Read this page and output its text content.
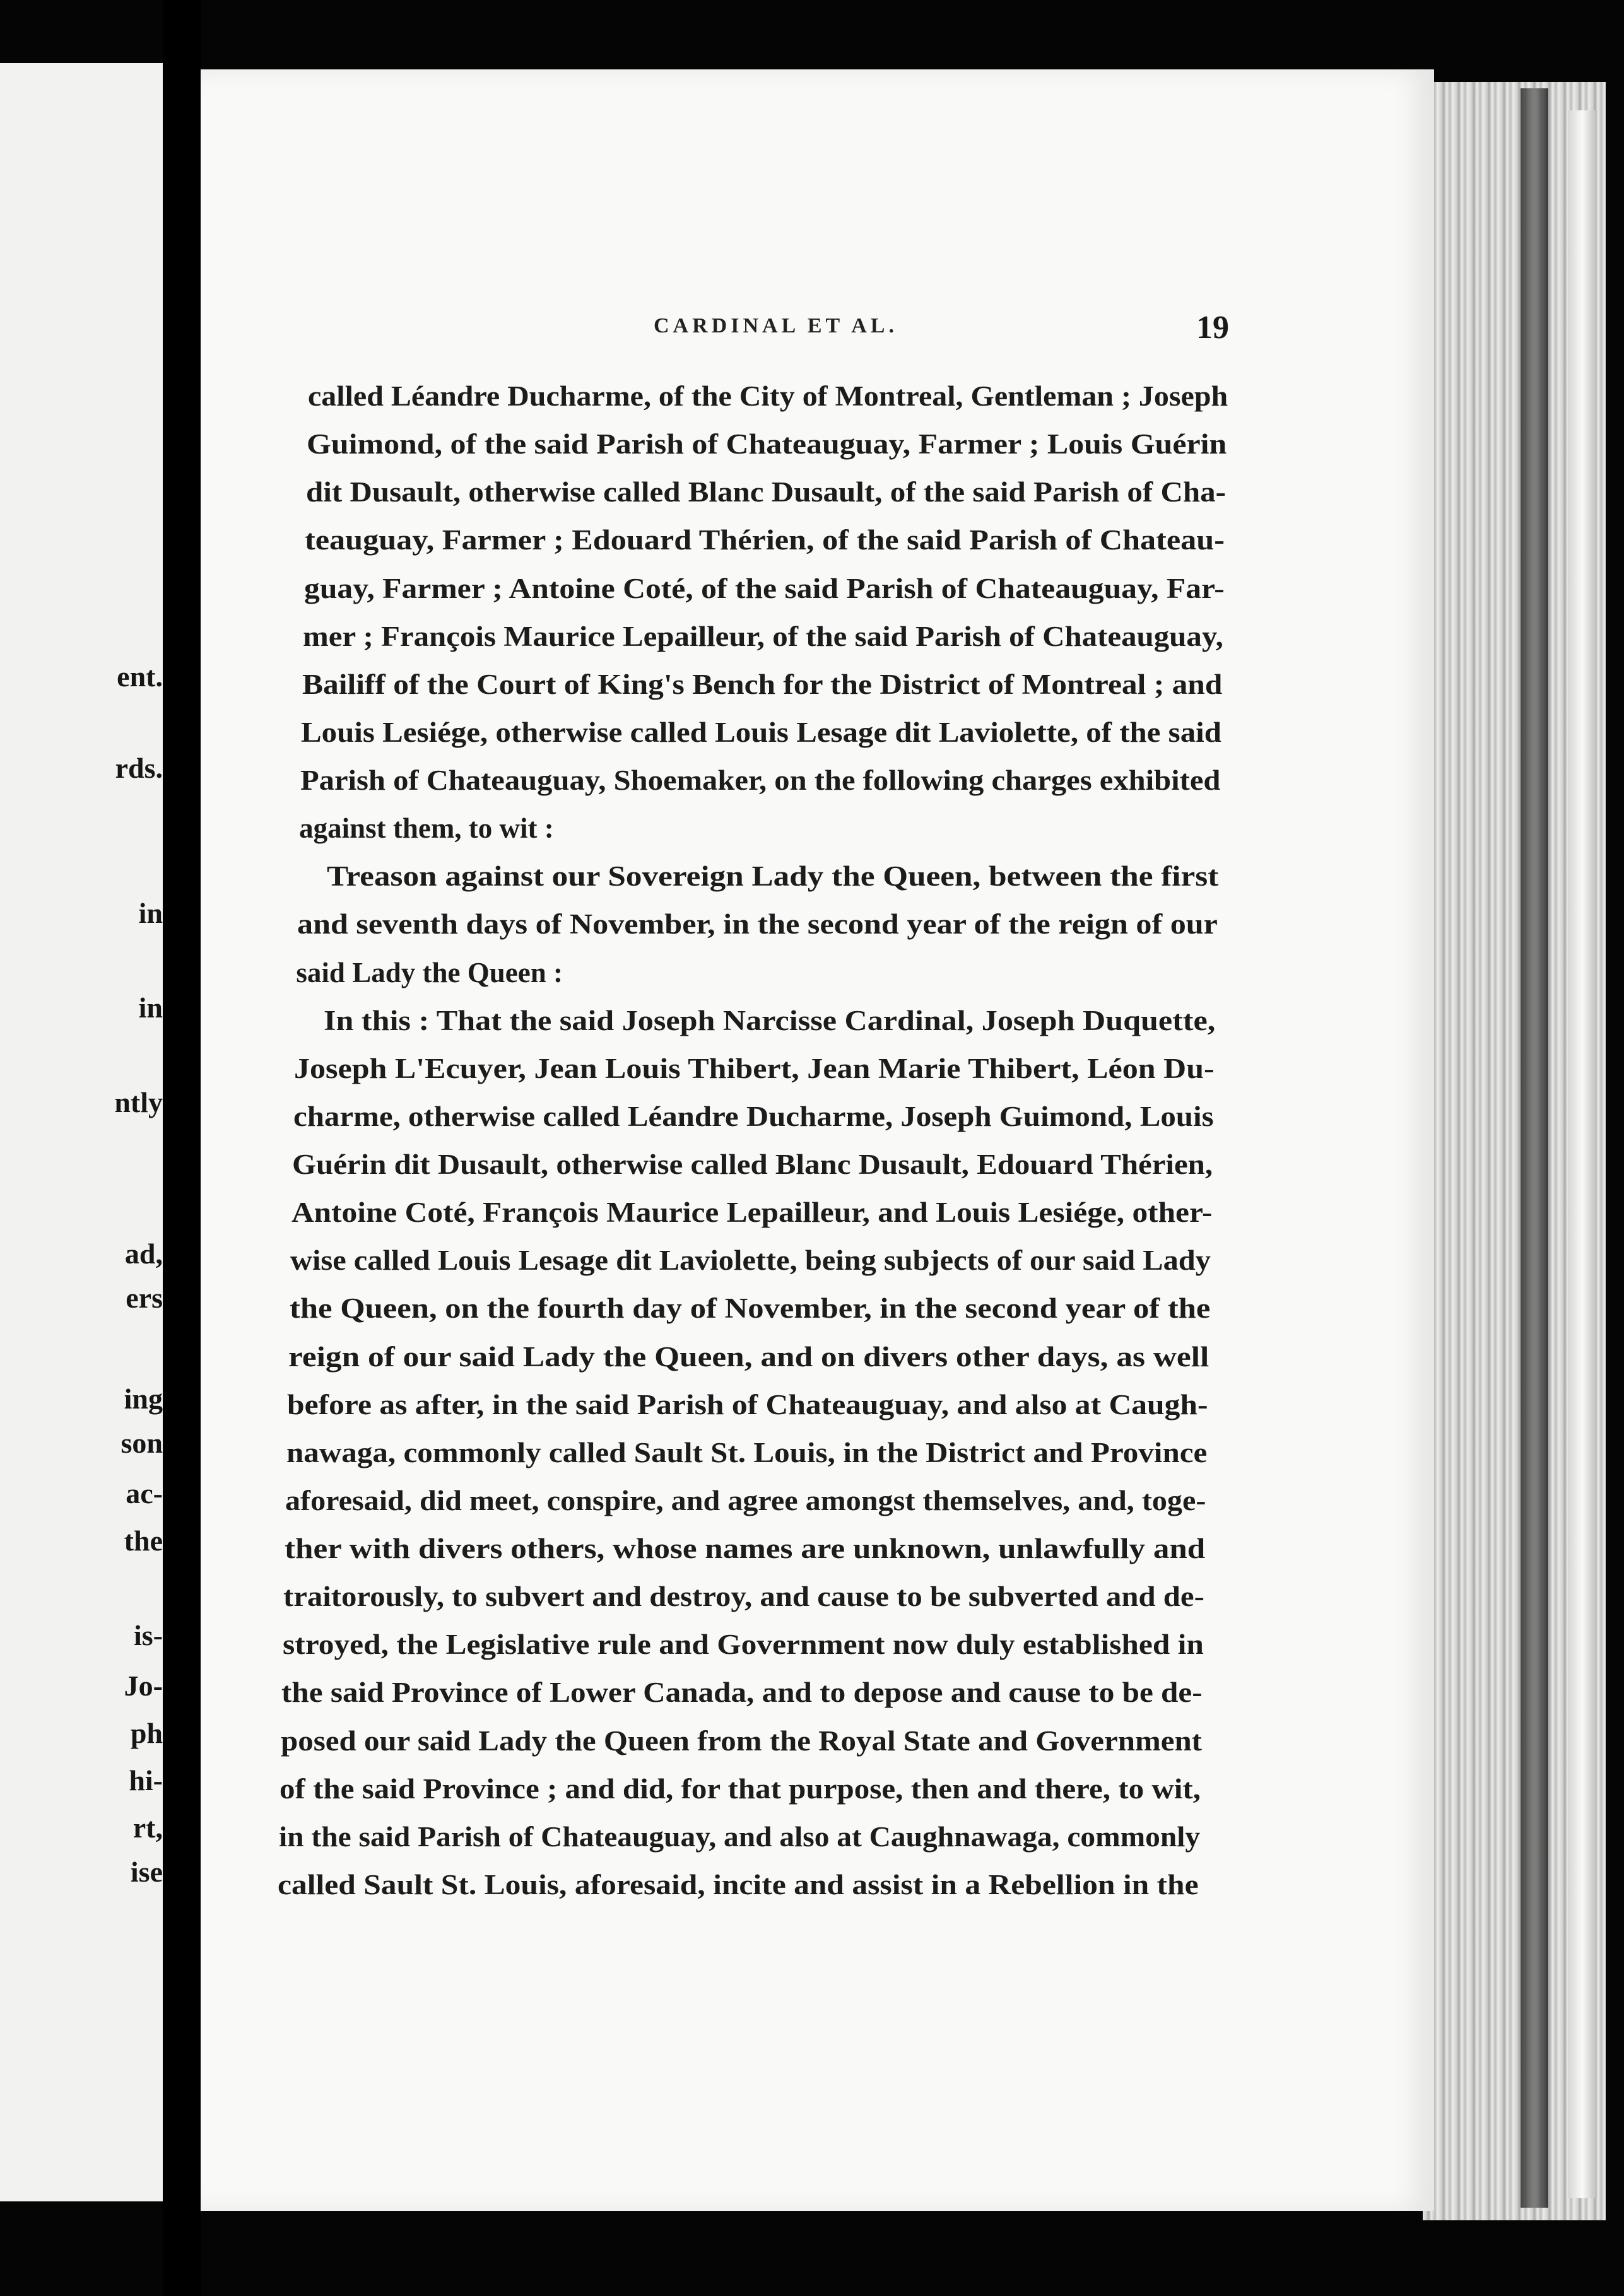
ent.
rds.
in
in
ntly
ad,
ers
ing
son
ac-
the
is-
Jo-
ph
hi-
rt,
ise
CARDINAL ET AL.	19
called Léandre Ducharme, of the City of Montreal, Gentleman ; Joseph
Guimond, of the said Parish of Chateauguay, Farmer ; Louis Guérin
dit Dusault, otherwise called Blanc Dusault, of the said Parish of Cha-
teauguay, Farmer ; Edouard Thérien, of the said Parish of Chateau-
guay, Farmer ; Antoine Coté, of the said Parish of Chateauguay, Far-
mer ; François Maurice Lepailleur, of the said Parish of Chateauguay,
Bailiff of the Court of King's Bench for the District of Montreal ; and
Louis Lesiége, otherwise called Louis Lesage dit Laviolette, of the said
Parish of Chateauguay, Shoemaker, on the following charges exhibited
against them, to wit :
Treason against our Sovereign Lady the Queen, between the first
and seventh days of November, in the second year of the reign of our
said Lady the Queen :
In this : That the said Joseph Narcisse Cardinal, Joseph Duquette,
Joseph L'Ecuyer, Jean Louis Thibert, Jean Marie Thibert, Léon Du-
charme, otherwise called Léandre Ducharme, Joseph Guimond, Louis
Guérin dit Dusault, otherwise called Blanc Dusault, Edouard Thérien,
Antoine Coté, François Maurice Lepailleur, and Louis Lesiége, other-
wise called Louis Lesage dit Laviolette, being subjects of our said Lady
the Queen, on the fourth day of November, in the second year of the
reign of our said Lady the Queen, and on divers other days, as well
before as after, in the said Parish of Chateauguay, and also at Caugh-
nawaga, commonly called Sault St. Louis, in the District and Province
aforesaid, did meet, conspire, and agree amongst themselves, and, toge-
ther with divers others, whose names are unknown, unlawfully and
traitorously, to subvert and destroy, and cause to be subverted and de-
stroyed, the Legislative rule and Government now duly established in
the said Province of Lower Canada, and to depose and cause to be de-
posed our said Lady the Queen from the Royal State and Government
of the said Province ; and did, for that purpose, then and there, to wit,
in the said Parish of Chateauguay, and also at Caughnawaga, commonly
called Sault St. Louis, aforesaid, incite and assist in a Rebellion in the
